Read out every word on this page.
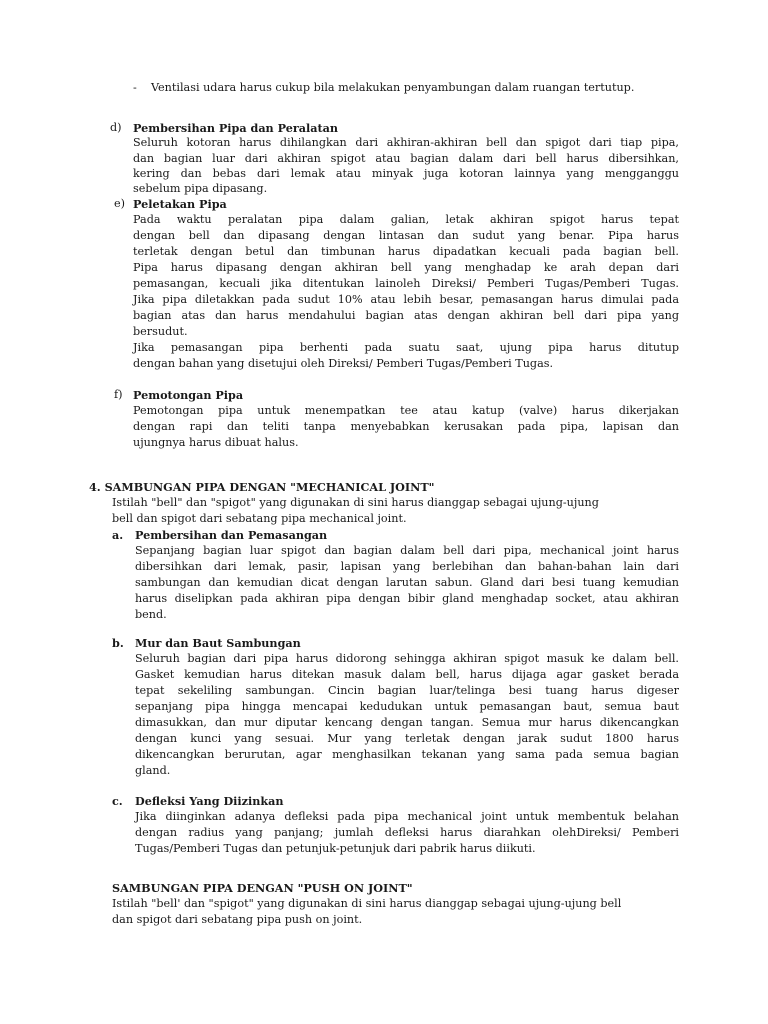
- Ventilasi udara harus cukup bila melakukan penyambungan dalam ruangan tertutup.
d) Pembersihan Pipa dan Peralatan
Seluruh kotoran harus dihilangkan dari akhiran-akhiran bell dan spigot dari tiap pipa,
dan bagian luar dari akhiran spigot atau bagian dalam dari bell harus dibersihkan,
kering dan bebas dari lemak atau minyak juga kotoran lainnya yang mengganggu
sebelum pipa dipasang.
e) Peletakan Pipa
Pada waktu peralatan pipa dalam galian, letak akhiran spigot harus tepat
dengan bell dan dipasang dengan lintasan dan sudut yang benar. Pipa harus
terletak dengan betul dan timbunan harus dipadatkan kecuali pada bagian bell.
Pipa harus dipasang dengan akhiran bell yang menghadap ke arah depan dari
pemasangan, kecuali jika ditentukan lainoleh Direksi/ Pemberi Tugas/Pemberi Tugas.
Jika pipa diletakkan pada sudut 10% atau lebih besar, pemasangan harus dimulai pada
bagian atas dan harus mendahului bagian atas dengan akhiran bell dari pipa yang
bersudut.
Jika pemasangan pipa berhenti pada suatu saat, ujung pipa harus ditutup
dengan bahan yang disetujui oleh Direksi/ Pemberi Tugas/Pemberi Tugas.
f) Pemotongan Pipa
Pemotongan pipa untuk menempatkan tee atau katup (valve) harus dikerjakan
dengan rapi dan teliti tanpa menyebabkan kerusakan pada pipa, lapisan dan
ujungnya harus dibuat halus.
4. SAMBUNGAN PIPA DENGAN "MECHANICAL JOINT"
Istilah "bell" dan "spigot" yang digunakan di sini harus dianggap sebagai ujung-ujung
bell dan spigot dari sebatang pipa mechanical joint.
a. Pembersihan dan Pemasangan
Sepanjang bagian luar spigot dan bagian dalam bell dari pipa, mechanical joint harus
dibersihkan dari lemak, pasir, lapisan yang berlebihan dan bahan-bahan lain dari
sambungan dan kemudian dicat dengan larutan sabun. Gland dari besi tuang kemudian
harus diselipkan pada akhiran pipa dengan bibir gland menghadap socket, atau akhiran
bend.
b. Mur dan Baut Sambungan
Seluruh bagian dari pipa harus didorong sehingga akhiran spigot masuk ke dalam bell.
Gasket kemudian harus ditekan masuk dalam bell, harus dijaga agar gasket berada
tepat sekeliling sambungan. Cincin bagian luar/telinga besi tuang harus digeser
sepanjang pipa hingga mencapai kedudukan untuk pemasangan baut, semua baut
dimasukkan, dan mur diputar kencang dengan tangan. Semua mur harus dikencangkan
dengan kunci yang sesuai. Mur yang terletak dengan jarak sudut 1800 harus
dikencangkan berurutan, agar menghasilkan tekanan yang sama pada semua bagian
gland.
c. Defleksi Yang Diizinkan
Jika diinginkan adanya defleksi pada pipa mechanical joint untuk membentuk belahan
dengan radius yang panjang; jumlah defleksi harus diarahkan olehDireksi/ Pemberi
Tugas/Pemberi Tugas dan petunjuk-petunjuk dari pabrik harus diikuti.
SAMBUNGAN PIPA DENGAN "PUSH ON JOINT"
Istilah "bell' dan "spigot" yang digunakan di sini harus dianggap sebagai ujung-ujung bell
dan spigot dari sebatang pipa push on joint.
